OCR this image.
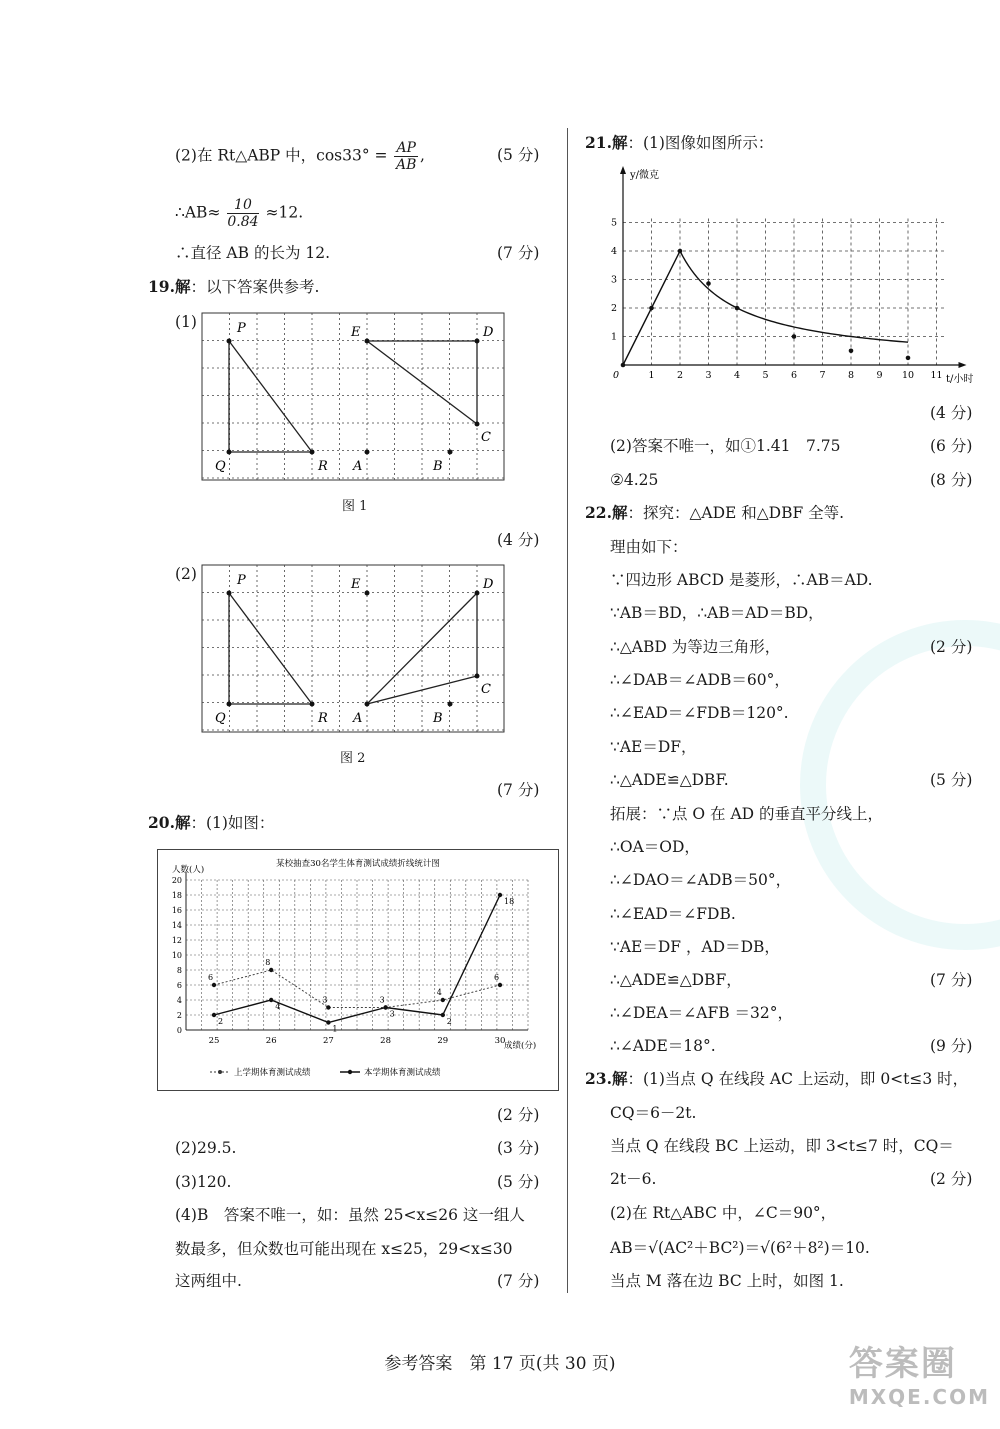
(2)在 Rt△ABP 中，$\cos 33^\circ = \frac{AP}{AB}$ ,	(5 分)
∴AB≈ $\frac{10}{0.84} \approx 12$.
∴直径 AB 的长为 12.	(7 分)
19.解：以下答案供参考.
(1)	P
Q	R
E	D
C
A	B
图 1
(4 分)
(2)	P
Q	R
E	D
C
A	B
图 2
(7 分)
20.解：(1)如图：
某校抽查30名学生体育测试成绩折线统计图
人数(人)
成绩(分)
0
2
4
6
8
10
12
14
16
18
20
25	26	27	28	29	30
6
8
3	3
4
6
2
4
1
3
2
18
上学期体育测试成绩	本学期体育测试成绩
(2 分)
(2)29.5.	(3 分)
(3)120.	(5 分)
(4)B　答案不唯一，如：虽然 25<x≤26 这一组人
数最多，但众数也可能出现在 x≤25，29<x≤30
这两组中.	(7 分)
21.解：(1)图像如图所示：
0	1 2 3 4 5 6 7 8 9 10 11
1
2
3
4
5
y/微克
t/小时
(4 分)
(2)答案不唯一，如①1.41　7.75	(6 分)
②4.25	(8 分)
22.解：探究：△ADE 和△DBF 全等.
理由如下：
∵四边形 ABCD 是菱形，∴AB＝AD.
∵AB＝BD，∴AB＝AD＝BD，
∴△ABD 为等边三角形，	(2 分)
∴∠DAB＝∠ADB＝60°，
∴∠EAD＝∠FDB＝120°.
∵AE＝DF，
∴△ADE≌△DBF.	(5 分)
拓展：∵点 O 在 AD 的垂直平分线上，
∴OA＝OD，
∴∠DAO＝∠ADB＝50°，
∴∠EAD＝∠FDB.
∵AE＝DF ，AD＝DB，
∴△ADE≌△DBF，	(7 分)
∴∠DEA＝∠AFB ＝32°，
∴∠ADE＝18°.	(9 分)
23.解：(1)当点 Q 在线段 AC 上运动，即 0<t≤3 时，
CQ＝6－2t.
当点 Q 在线段 BC 上运动，即 3<t≤7 时，CQ＝
2t－6.	(2 分)
(2)在 Rt△ABC 中，∠C＝90°，
AB＝√(AC²＋BC²)＝√(6²＋8²)＝10.
当点 M 落在边 BC 上时，如图 1.
参考答案　第 17 页(共 30 页)	答案圈
MXQE.COM
